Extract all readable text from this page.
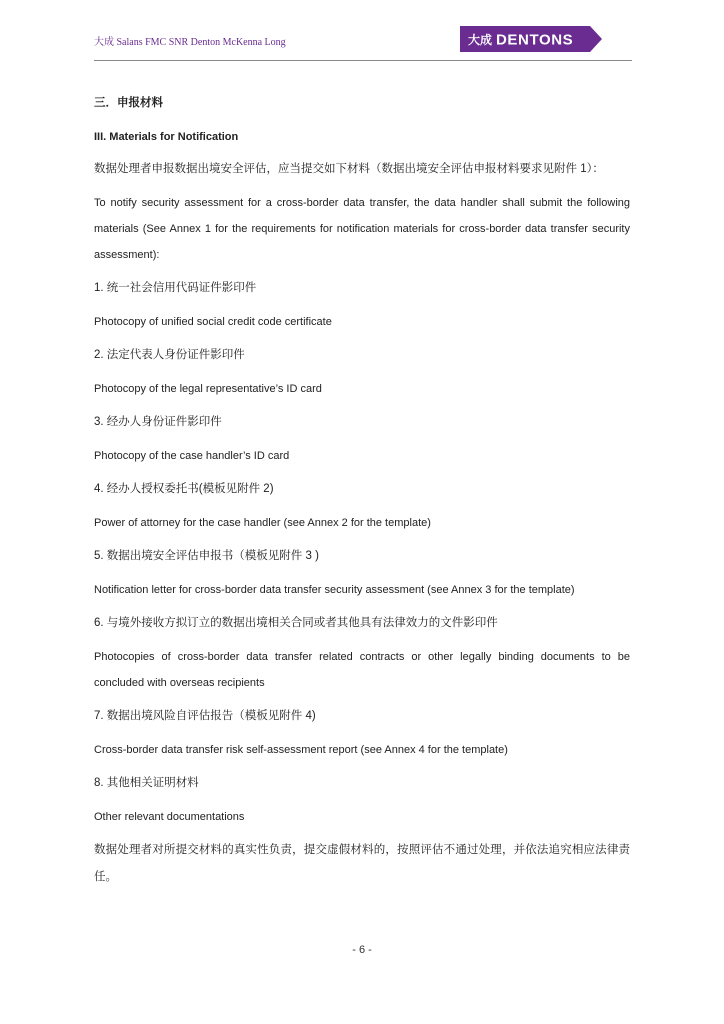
大成 Salans FMC SNR Denton McKenna Long	大成 DENTONS

三．申报材料

III. Materials for Notification

数据处理者申报数据出境安全评估，应当提交如下材料（数据出境安全评估申报材料要求见附件 1）：

To notify security assessment for a cross-border data transfer, the data handler shall submit the following materials (See Annex 1 for the requirements for notification materials for cross-border data transfer security assessment):

1. 统一社会信用代码证件影印件

Photocopy of unified social credit code certificate

2. 法定代表人身份证件影印件

Photocopy of the legal representative’s ID card

3. 经办人身份证件影印件

Photocopy of the case handler’s ID card

4. 经办人授权委托书(模板见附件 2)

Power of attorney for the case handler (see Annex 2 for the template)

5. 数据出境安全评估申报书（模板见附件 3 )

Notification letter for cross-border data transfer security assessment (see Annex 3 for the template)

6. 与境外接收方拟订立的数据出境相关合同或者其他具有法律效力的文件影印件

Photocopies of cross-border data transfer related contracts or other legally binding documents to be concluded with overseas recipients

7. 数据出境风险自评估报告（模板见附件 4)

Cross-border data transfer risk self-assessment report (see Annex 4 for the template)

8. 其他相关证明材料

Other relevant documentations

数据处理者对所提交材料的真实性负责，提交虚假材料的，按照评估不通过处理，并依法追究相应法律责任。

- 6 -
